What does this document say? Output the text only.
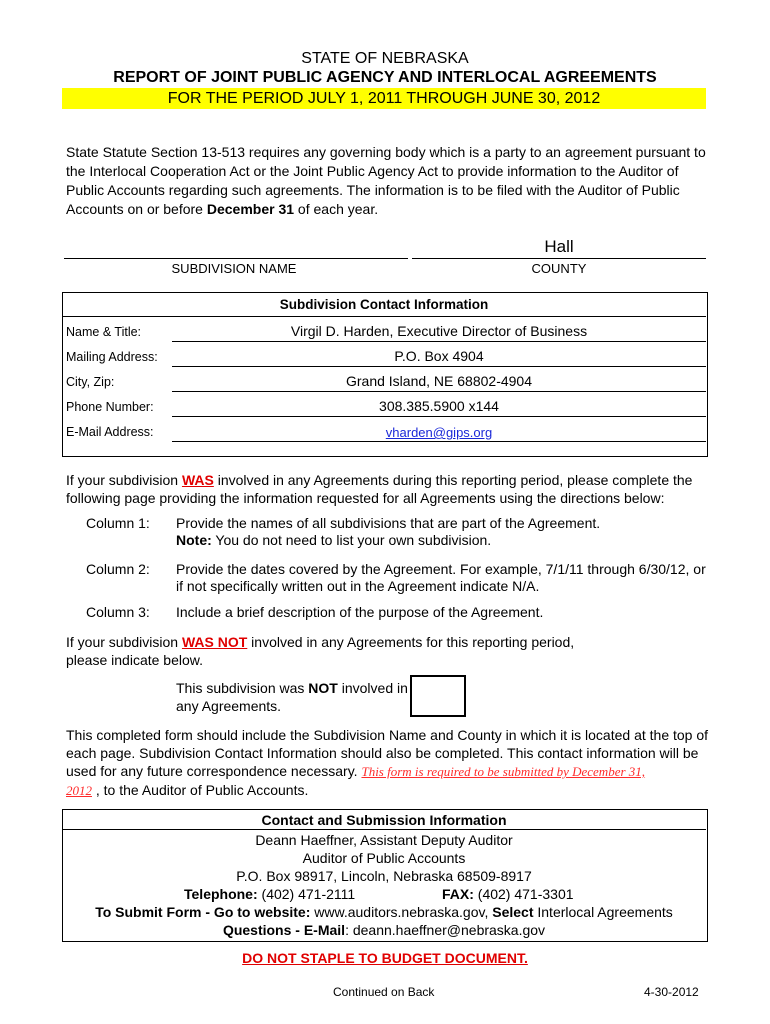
STATE OF NEBRASKA
REPORT OF JOINT PUBLIC AGENCY AND INTERLOCAL AGREEMENTS
FOR THE PERIOD JULY 1, 2011 THROUGH JUNE 30, 2012
State Statute Section 13-513 requires any governing body which is a party to an agreement pursuant to the Interlocal Cooperation Act or the Joint Public Agency Act to provide information to the Auditor of Public Accounts regarding such agreements. The information is to be filed with the Auditor of Public Accounts on or before December 31 of each year.
Hall
SUBDIVISION NAME	COUNTY
Subdivision Contact Information
Name & Title:	Virgil D. Harden, Executive Director of Business
Mailing Address:	P.O. Box 4904
City, Zip:	Grand Island, NE 68802-4904
Phone Number:	308.385.5900 x144
E-Mail Address:	vharden@gips.org
If your subdivision WAS involved in any Agreements during this reporting period, please complete the following page providing the information requested for all Agreements using the directions below:
Column 1: Provide the names of all subdivisions that are part of the Agreement.
Note: You do not need to list your own subdivision.
Column 2: Provide the dates covered by the Agreement. For example, 7/1/11 through 6/30/12, or if not specifically written out in the Agreement indicate N/A.
Column 3: Include a brief description of the purpose of the Agreement.
If your subdivision WAS NOT involved in any Agreements for this reporting period,
please indicate below.
This subdivision was NOT involved in
any Agreements.
This completed form should include the Subdivision Name and County in which it is located at the top of each page. Subdivision Contact Information should also be completed. This contact information will be used for any future correspondence necessary. This form is required to be submitted by December 31,
2012 , to the Auditor of Public Accounts.
Contact and Submission Information
Deann Haeffner, Assistant Deputy Auditor
Auditor of Public Accounts
P.O. Box 98917, Lincoln, Nebraska 68509-8917
Telephone: (402) 471-2111	FAX: (402) 471-3301
To Submit Form - Go to website: www.auditors.nebraska.gov, Select Interlocal Agreements
Questions - E-Mail: deann.haeffner@nebraska.gov
DO NOT STAPLE TO BUDGET DOCUMENT.
Continued on Back	4-30-2012
